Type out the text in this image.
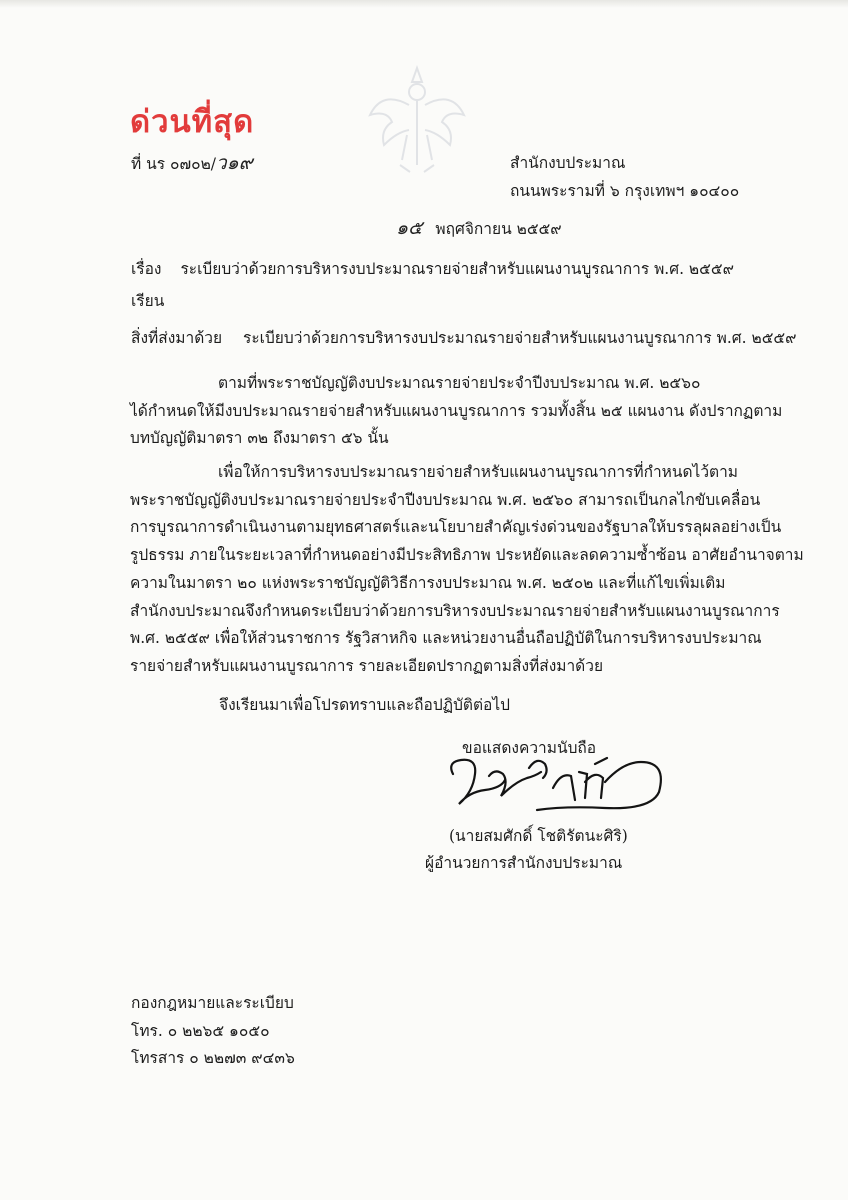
ด่วนที่สุด
ที่ นร ๐๗๐๒/ว๑๙	สำนักงบประมาณ
ถนนพระรามที่ ๖ กรุงเทพฯ ๑๐๔๐๐
๑๕ พฤศจิกายน ๒๕๕๙
เรื่อง ระเบียบว่าด้วยการบริหารงบประมาณรายจ่ายสำหรับแผนงานบูรณาการ พ.ศ. ๒๕๕๙
เรียน
สิ่งที่ส่งมาด้วย ระเบียบว่าด้วยการบริหารงบประมาณรายจ่ายสำหรับแผนงานบูรณาการ พ.ศ. ๒๕๕๙
ตามที่พระราชบัญญัติงบประมาณรายจ่ายประจำปีงบประมาณ พ.ศ. ๒๕๖๐
ได้กำหนดให้มีงบประมาณรายจ่ายสำหรับแผนงานบูรณาการ รวมทั้งสิ้น ๒๕ แผนงาน ดังปรากฏตาม
บทบัญญัติมาตรา ๓๒ ถึงมาตรา ๕๖ นั้น
เพื่อให้การบริหารงบประมาณรายจ่ายสำหรับแผนงานบูรณาการที่กำหนดไว้ตาม
พระราชบัญญัติงบประมาณรายจ่ายประจำปีงบประมาณ พ.ศ. ๒๕๖๐ สามารถเป็นกลไกขับเคลื่อน
การบูรณาการดำเนินงานตามยุทธศาสตร์และนโยบายสำคัญเร่งด่วนของรัฐบาลให้บรรลุผลอย่างเป็น
รูปธรรม ภายในระยะเวลาที่กำหนดอย่างมีประสิทธิภาพ ประหยัดและลดความซ้ำซ้อน อาศัยอำนาจตาม
ความในมาตรา ๒๐ แห่งพระราชบัญญัติวิธีการงบประมาณ พ.ศ. ๒๕๐๒ และที่แก้ไขเพิ่มเติม
สำนักงบประมาณจึงกำหนดระเบียบว่าด้วยการบริหารงบประมาณรายจ่ายสำหรับแผนงานบูรณาการ
พ.ศ. ๒๕๕๙ เพื่อให้ส่วนราชการ รัฐวิสาหกิจ และหน่วยงานอื่นถือปฏิบัติในการบริหารงบประมาณ
รายจ่ายสำหรับแผนงานบูรณาการ รายละเอียดปรากฏตามสิ่งที่ส่งมาด้วย
จึงเรียนมาเพื่อโปรดทราบและถือปฏิบัติต่อไป
ขอแสดงความนับถือ
(นายสมศักดิ์ โชติรัตนะศิริ)
ผู้อำนวยการสำนักงบประมาณ
กองกฎหมายและระเบียบ
โทร. ๐ ๒๒๖๕ ๑๐๕๐
โทรสาร ๐ ๒๒๗๓ ๙๔๓๖
